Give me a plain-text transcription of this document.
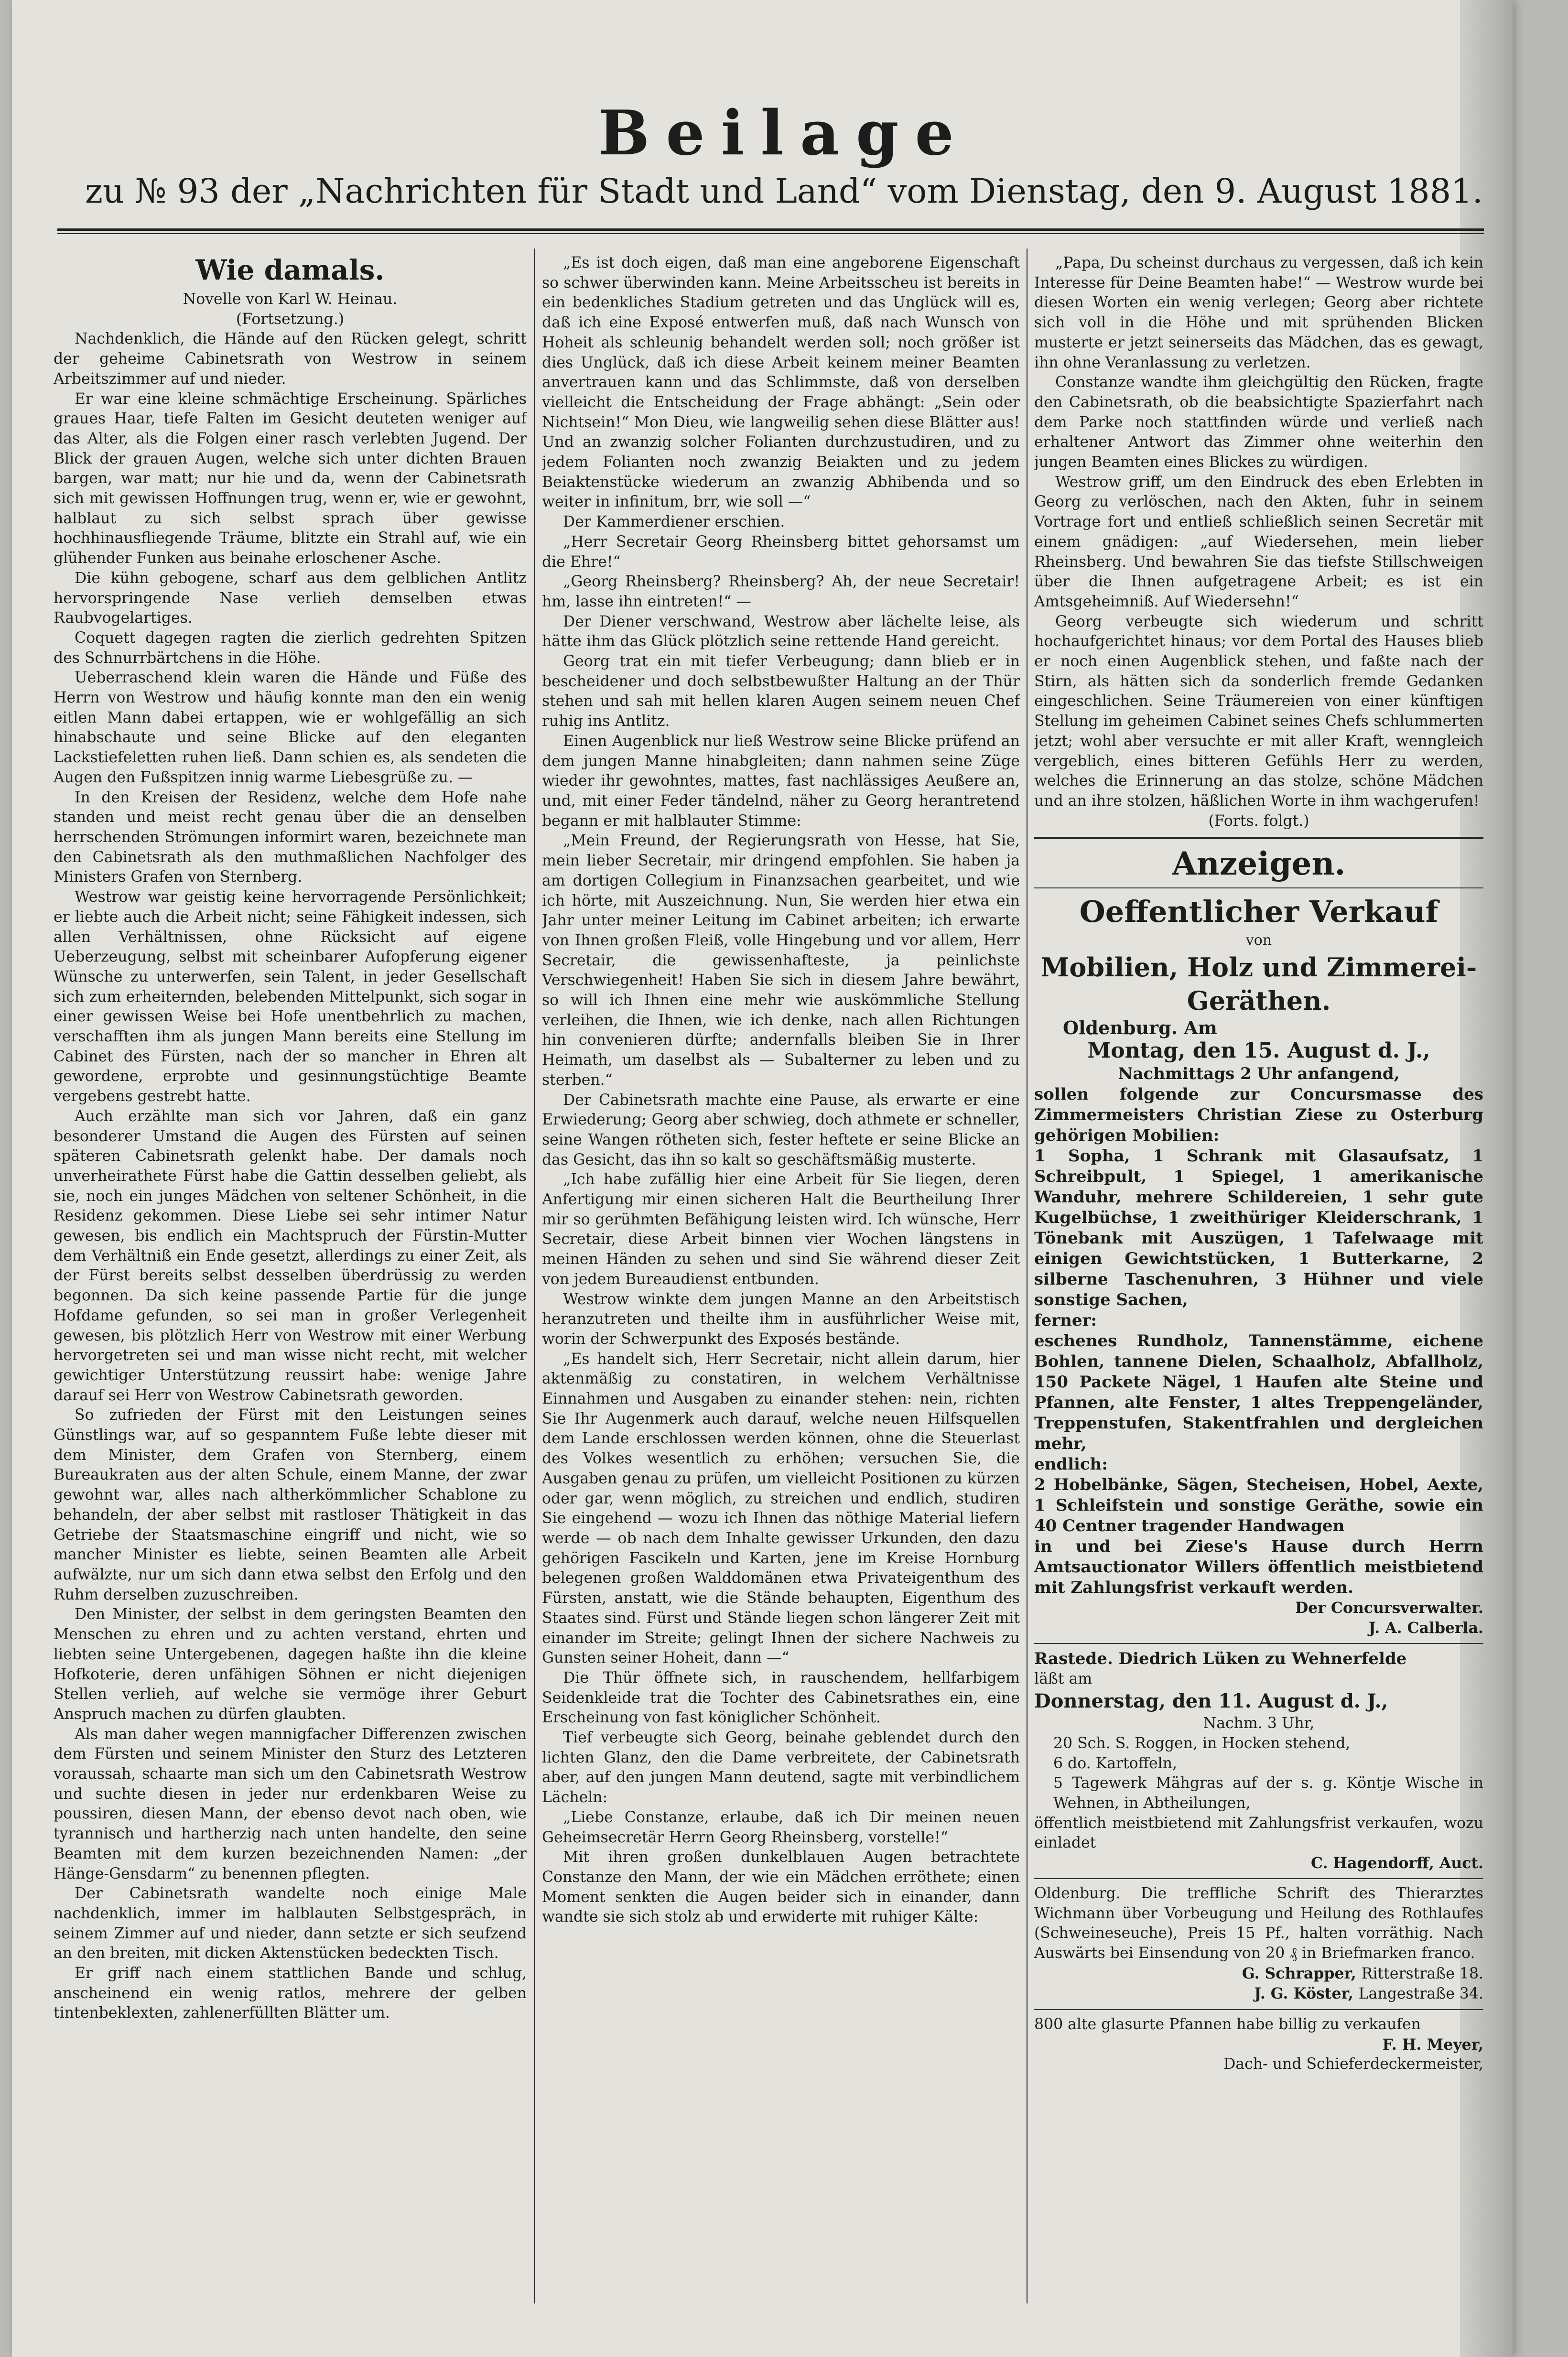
Beilage
zu № 93 der „Nachrichten für Stadt und Land“ vom Dienstag, den 9. August 1881.
Wie damals.
Novelle von Karl W. Heinau.
(Fortsetzung.)

Nachdenklich, die Hände auf den Rücken gelegt, schritt der geheime Cabinetsrath von Westrow in seinem Arbeitszimmer auf und nieder.

Er war eine kleine schmächtige Erscheinung. Spärliches graues Haar, tiefe Falten im Gesicht deuteten weniger auf das Alter, als die Folgen einer rasch verlebten Jugend. Der Blick der grauen Augen, welche sich unter dichten Brauen bargen, war matt; nur hie und da, wenn der Cabinetsrath sich mit gewissen Hoffnungen trug, wenn er, wie er gewohnt, halblaut zu sich selbst sprach über gewisse hochhinausfliegende Träume, blitzte ein Strahl auf, wie ein glühender Funken aus beinahe erloschener Asche.

Die kühn gebogene, scharf aus dem gelblichen Antlitz hervorspringende Nase verlieh demselben etwas Raubvogelartiges.

Coquett dagegen ragten die zierlich gedrehten Spitzen des Schnurrbärtchens in die Höhe.

Ueberraschend klein waren die Hände und Füße des Herrn von Westrow und häufig konnte man den ein wenig eitlen Mann dabei ertappen, wie er wohlgefällig an sich hinabschaute und seine Blicke auf den eleganten Lackstiefeletten ruhen ließ. Dann schien es, als sendeten die Augen den Fußspitzen innig warme Liebesgrüße zu. —

In den Kreisen der Residenz, welche dem Hofe nahe standen und meist recht genau über die an denselben herrschenden Strömungen informirt waren, bezeichnete man den Cabinetsrath als den muthmaßlichen Nachfolger des Ministers Grafen von Sternberg.

Westrow war geistig keine hervorragende Persönlichkeit; er liebte auch die Arbeit nicht; seine Fähigkeit indessen, sich allen Verhältnissen, ohne Rücksicht auf eigene Ueberzeugung, selbst mit scheinbarer Aufopferung eigener Wünsche zu unterwerfen, sein Talent, in jeder Gesellschaft sich zum erheiternden, belebenden Mittelpunkt, sich sogar in einer gewissen Weise bei Hofe unentbehrlich zu machen, verschafften ihm als jungen Mann bereits eine Stellung im Cabinet des Fürsten, nach der so mancher in Ehren alt gewordene, erprobte und gesinnungstüchtige Beamte vergebens gestrebt hatte.

Auch erzählte man sich vor Jahren, daß ein ganz besonderer Umstand die Augen des Fürsten auf seinen späteren Cabinetsrath gelenkt habe. Der damals noch unverheirathete Fürst habe die Gattin desselben geliebt, als sie, noch ein junges Mädchen von seltener Schönheit, in die Residenz gekommen. Diese Liebe sei sehr intimer Natur gewesen, bis endlich ein Machtspruch der Fürstin-Mutter dem Verhältniß ein Ende gesetzt, allerdings zu einer Zeit, als der Fürst bereits selbst desselben überdrüssig zu werden begonnen. Da sich keine passende Partie für die junge Hofdame gefunden, so sei man in großer Verlegenheit gewesen, bis plötzlich Herr von Westrow mit einer Werbung hervorgetreten sei und man wisse nicht recht, mit welcher gewichtiger Unterstützung reussirt habe: wenige Jahre darauf sei Herr von Westrow Cabinetsrath geworden.

So zufrieden der Fürst mit den Leistungen seines Günstlings war, auf so gespanntem Fuße lebte dieser mit dem Minister, dem Grafen von Sternberg, einem Bureaukraten aus der alten Schule, einem Manne, der zwar gewohnt war, alles nach altherkömmlicher Schablone zu behandeln, der aber selbst mit rastloser Thätigkeit in das Getriebe der Staatsmaschine eingriff und nicht, wie so mancher Minister es liebte, seinen Beamten alle Arbeit aufwälzte, nur um sich dann etwa selbst den Erfolg und den Ruhm derselben zuzuschreiben.

Den Minister, der selbst in dem geringsten Beamten den Menschen zu ehren und zu achten verstand, ehrten und liebten seine Untergebenen, dagegen haßte ihn die kleine Hofkoterie, deren unfähigen Söhnen er nicht diejenigen Stellen verlieh, auf welche sie vermöge ihrer Geburt Anspruch machen zu dürfen glaubten.

Als man daher wegen mannigfacher Differenzen zwischen dem Fürsten und seinem Minister den Sturz des Letzteren voraussah, schaarte man sich um den Cabinetsrath Westrow und suchte diesen in jeder nur erdenkbaren Weise zu poussiren, diesen Mann, der ebenso devot nach oben, wie tyrannisch und hartherzig nach unten handelte, den seine Beamten mit dem kurzen bezeichnenden Namen: „der Hänge-Gensdarm“ zu benennen pflegten.

Der Cabinetsrath wandelte noch einige Male nachdenklich, immer im halblauten Selbstgespräch, in seinem Zimmer auf und nieder, dann setzte er sich seufzend an den breiten, mit dicken Aktenstücken bedeckten Tisch.

Er griff nach einem stattlichen Bande und schlug, anscheinend ein wenig ratlos, mehrere der gelben tintenbeklexten, zahlenerfüllten Blätter um.

„Es ist doch eigen, daß man eine angeborene Eigenschaft so schwer überwinden kann. Meine Arbeitsscheu ist bereits in ein bedenkliches Stadium getreten und das Unglück will es, daß ich eine Exposé entwerfen muß, daß nach Wunsch von Hoheit als schleunig behandelt werden soll; noch größer ist dies Unglück, daß ich diese Arbeit keinem meiner Beamten anvertrauen kann und das Schlimmste, daß von derselben vielleicht die Entscheidung der Frage abhängt: „Sein oder Nichtsein!“ Mon Dieu, wie langweilig sehen diese Blätter aus! Und an zwanzig solcher Folianten durchzustudiren, und zu jedem Folianten noch zwanzig Beiakten und zu jedem Beiaktenstücke wiederum an zwanzig Abhibenda und so weiter in infinitum, brr, wie soll —“

Der Kammerdiener erschien.

„Herr Secretair Georg Rheinsberg bittet gehorsamst um die Ehre!“

„Georg Rheinsberg? Rheinsberg? Ah, der neue Secretair! hm, lasse ihn eintreten!“ —

Der Diener verschwand, Westrow aber lächelte leise, als hätte ihm das Glück plötzlich seine rettende Hand gereicht.

Georg trat ein mit tiefer Verbeugung; dann blieb er in bescheidener und doch selbstbewußter Haltung an der Thür stehen und sah mit hellen klaren Augen seinem neuen Chef ruhig ins Antlitz.

Einen Augenblick nur ließ Westrow seine Blicke prüfend an dem jungen Manne hinabgleiten; dann nahmen seine Züge wieder ihr gewohntes, mattes, fast nachlässiges Aeußere an, und, mit einer Feder tändelnd, näher zu Georg herantretend begann er mit halblauter Stimme:

„Mein Freund, der Regierungsrath von Hesse, hat Sie, mein lieber Secretair, mir dringend empfohlen. Sie haben ja am dortigen Collegium in Finanzsachen gearbeitet, und wie ich hörte, mit Auszeichnung. Nun, Sie werden hier etwa ein Jahr unter meiner Leitung im Cabinet arbeiten; ich erwarte von Ihnen großen Fleiß, volle Hingebung und vor allem, Herr Secretair, die gewissenhafteste, ja peinlichste Verschwiegenheit! Haben Sie sich in diesem Jahre bewährt, so will ich Ihnen eine mehr wie auskömmliche Stellung verleihen, die Ihnen, wie ich denke, nach allen Richtungen hin convenieren dürfte; andernfalls bleiben Sie in Ihrer Heimath, um daselbst als — Subalterner zu leben und zu sterben.“

Der Cabinetsrath machte eine Pause, als erwarte er eine Erwiederung; Georg aber schwieg, doch athmete er schneller, seine Wangen rötheten sich, fester heftete er seine Blicke an das Gesicht, das ihn so kalt so geschäftsmäßig musterte.

„Ich habe zufällig hier eine Arbeit für Sie liegen, deren Anfertigung mir einen sicheren Halt die Beurtheilung Ihrer mir so gerühmten Befähigung leisten wird. Ich wünsche, Herr Secretair, diese Arbeit binnen vier Wochen längstens in meinen Händen zu sehen und sind Sie während dieser Zeit von jedem Bureaudienst entbunden.

Westrow winkte dem jungen Manne an den Arbeitstisch heranzutreten und theilte ihm in ausführlicher Weise mit, worin der Schwerpunkt des Exposés bestände.

„Es handelt sich, Herr Secretair, nicht allein darum, hier aktenmäßig zu constatiren, in welchem Verhältnisse Einnahmen und Ausgaben zu einander stehen: nein, richten Sie Ihr Augenmerk auch darauf, welche neuen Hilfsquellen dem Lande erschlossen werden können, ohne die Steuerlast des Volkes wesentlich zu erhöhen; versuchen Sie, die Ausgaben genau zu prüfen, um vielleicht Positionen zu kürzen oder gar, wenn möglich, zu streichen und endlich, studiren Sie eingehend — wozu ich Ihnen das nöthige Material liefern werde — ob nach dem Inhalte gewisser Urkunden, den dazu gehörigen Fascikeln und Karten, jene im Kreise Hornburg belegenen großen Walddomänen etwa Privateigenthum des Fürsten, anstatt, wie die Stände behaupten, Eigenthum des Staates sind. Fürst und Stände liegen schon längerer Zeit mit einander im Streite; gelingt Ihnen der sichere Nachweis zu Gunsten seiner Hoheit, dann —“

Die Thür öffnete sich, in rauschendem, hellfarbigem Seidenkleide trat die Tochter des Cabinetsrathes ein, eine Erscheinung von fast königlicher Schönheit.

Tief verbeugte sich Georg, beinahe geblendet durch den lichten Glanz, den die Dame verbreitete, der Cabinetsrath aber, auf den jungen Mann deutend, sagte mit verbindlichem Lächeln:

„Liebe Constanze, erlaube, daß ich Dir meinen neuen Geheimsecretär Herrn Georg Rheinsberg, vorstelle!“

Mit ihren großen dunkelblauen Augen betrachtete Constanze den Mann, der wie ein Mädchen erröthete; einen Moment senkten die Augen beider sich in einander, dann wandte sie sich stolz ab und erwiderte mit ruhiger Kälte:

„Papa, Du scheinst durchaus zu vergessen, daß ich kein Interesse für Deine Beamten habe!“ — Westrow wurde bei diesen Worten ein wenig verlegen; Georg aber richtete sich voll in die Höhe und mit sprühenden Blicken musterte er jetzt seinerseits das Mädchen, das es gewagt, ihn ohne Veranlassung zu verletzen.

Constanze wandte ihm gleichgültig den Rücken, fragte den Cabinetsrath, ob die beabsichtigte Spazierfahrt nach dem Parke noch stattfinden würde und verließ nach erhaltener Antwort das Zimmer ohne weiterhin den jungen Beamten eines Blickes zu würdigen.

Westrow griff, um den Eindruck des eben Erlebten in Georg zu verlöschen, nach den Akten, fuhr in seinem Vortrage fort und entließ schließlich seinen Secretär mit einem gnädigen: „auf Wiedersehen, mein lieber Rheinsberg. Und bewahren Sie das tiefste Stillschweigen über die Ihnen aufgetragene Arbeit; es ist ein Amtsgeheimniß. Auf Wiedersehn!“

Georg verbeugte sich wiederum und schritt hochaufgerichtet hinaus; vor dem Portal des Hauses blieb er noch einen Augenblick stehen, und faßte nach der Stirn, als hätten sich da sonderlich fremde Gedanken eingeschlichen. Seine Träumereien von einer künftigen Stellung im geheimen Cabinet seines Chefs schlummerten jetzt; wohl aber versuchte er mit aller Kraft, wenngleich vergeblich, eines bitteren Gefühls Herr zu werden, welches die Erinnerung an das stolze, schöne Mädchen und an ihre stolzen, häßlichen Worte in ihm wachgerufen!

(Forts. folgt.)

Anzeigen.
Oeffentlicher Verkauf
von
Mobilien, Holz und Zimmerei-Geräthen.

Oldenburg. Am

Montag, den 15. August d. J.,

Nachmittags 2 Uhr anfangend,

sollen folgende zur Concursmasse des Zimmermeisters Christian Ziese zu Osterburg gehörigen Mobilien:

1 Sopha, 1 Schrank mit Glasaufsatz, 1 Schreibpult, 1 Spiegel, 1 amerikanische Wanduhr, mehrere Schildereien, 1 sehr gute Kugelbüchse, 1 zweithüriger Kleiderschrank, 1 Tönebank mit Auszügen, 1 Tafelwaage mit einigen Gewichtstücken, 1 Butterkarne, 2 silberne Taschenuhren, 3 Hühner und viele sonstige Sachen,

ferner:

eschenes Rundholz, Tannenstämme, eichene Bohlen, tannene Dielen, Schaalholz, Abfallholz, 150 Packete Nägel, 1 Haufen alte Steine und Pfannen, alte Fenster, 1 altes Treppengeländer, Treppenstufen, Stakentfrahlen und dergleichen mehr,

endlich:

2 Hobelbänke, Sägen, Stecheisen, Hobel, Aexte, 1 Schleifstein und sonstige Geräthe, sowie ein 40 Centner tragender Handwagen

in und bei Ziese's Hause durch Herrn Amtsauctionator Willers öffentlich meistbietend mit Zahlungsfrist verkauft werden.

Der Concursverwalter.

J. A. Calberla.

Rastede. Diedrich Lüken zu Wehnerfelde

läßt am

Donnerstag, den 11. August d. J.,

Nachm. 3 Uhr,

20 Sch. S. Roggen, in Hocken stehend,

6 do. Kartoffeln,

5 Tagewerk Mähgras auf der s. g. Köntje Wische in Wehnen, in Abtheilungen,

öffentlich meistbietend mit Zahlungsfrist verkaufen, wozu einladet

C. Hagendorff, Auct.

Oldenburg. Die treffliche Schrift des Thierarztes Wichmann über Vorbeugung und Heilung des Rothlaufes (Schweineseuche), Preis 15 Pf., halten vorräthig. Nach Auswärts bei Einsendung von 20 ₰ in Briefmarken franco.

G. Schrapper, Ritterstraße 18.

J. G. Köster, Langestraße 34.

800 alte glasurte Pfannen habe billig zu verkaufen

F. H. Meyer,

Dach- und Schieferdeckermeister,
